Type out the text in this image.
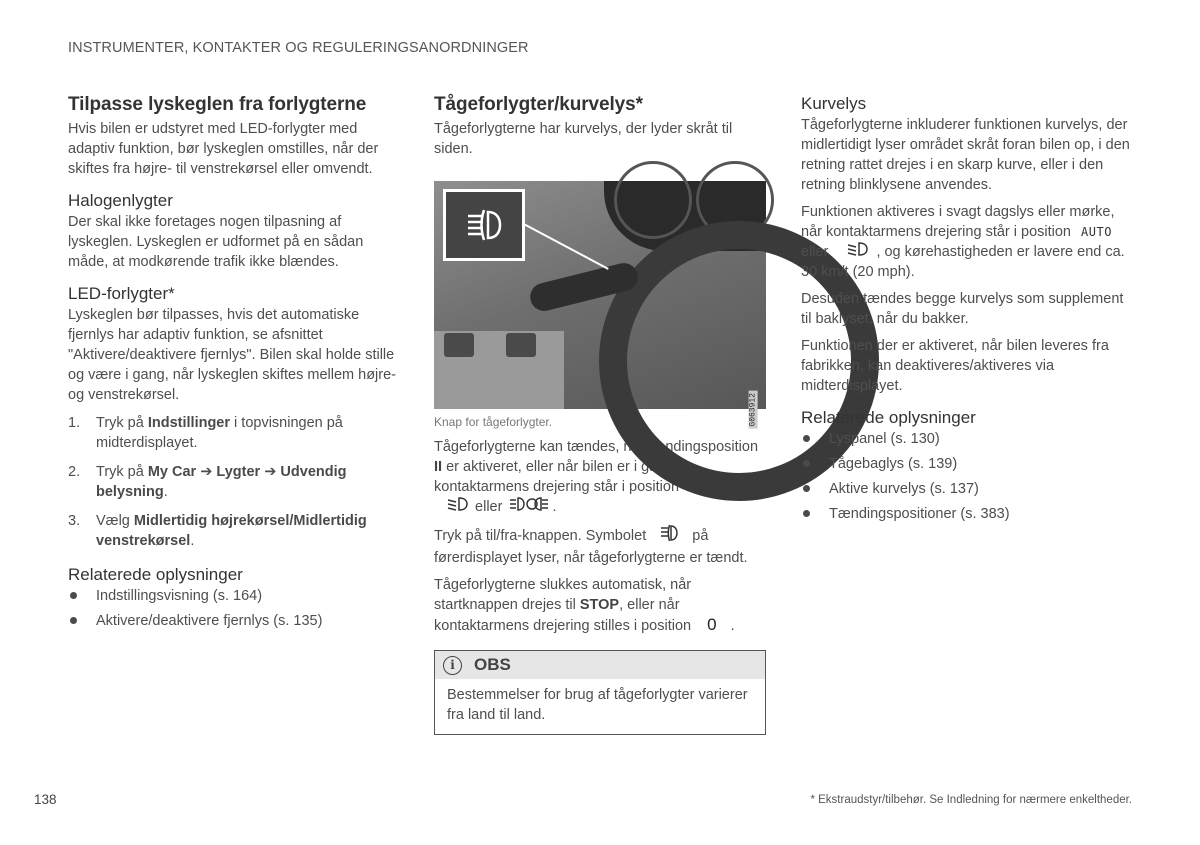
INSTRUMENTER, KONTAKTER OG REGULERINGSANORDNINGER
Tilpasse lyskeglen fra forlygterne

Hvis bilen er udstyret med LED-forlygter med adaptiv funktion, bør lyskeglen omstilles, når der skiftes fra højre- til venstrekørsel eller omvendt.

Halogenlygter

Der skal ikke foretages nogen tilpasning af lyskeglen. Lyskeglen er udformet på en sådan måde, at modkørende trafik ikke blændes.

LED-forlygter*

Lyskeglen bør tilpasses, hvis det automatiske fjernlys har adaptiv funktion, se afsnittet "Aktivere/deaktivere fjernlys". Bilen skal holde stille og være i gang, når lyskeglen skiftes mellem højre- og venstrekørsel.

1. Tryk på Indstillinger i topvisningen på midterdisplayet.
2. Tryk på My Car ➔ Lygter ➔ Udvendig belysning.
3. Vælg Midlertidig højrekørsel/Midlertidig venstrekørsel.
Relaterede oplysninger
Indstillingsvisning (s. 164)
Aktivere/deaktivere fjernlys (s. 135)
Tågeforlygter/kurvelys*

Tågeforlygterne har kurvelys, der lyder skråt til siden.

G063912
Knap for tågeforlygter.

Tågeforlygterne kan tændes, når tændingsposition II er aktiveret, eller når bilen er i gang og kontaktarmens drejering står i position AUTO ,
eller	.

Tryk på til/fra-knappen. Symbolet	på førerdisplayet lyser, når tågeforlygterne er tændt.

Tågeforlygterne slukkes automatisk, når startknappen drejes til STOP, eller når kontaktarmens drejering stilles i position 0 .

i	OBS
Bestemmelser for brug af tågeforlygter varierer fra land til land.
Kurvelys

Tågeforlygterne inkluderer funktionen kurvelys, der midlertidigt lyser området skråt foran bilen op, i den retning rattet drejes i en skarp kurve, eller i den retning blinklysene anvendes.

Funktionen aktiveres i svagt dagslys eller mørke, når kontaktarmens drejering står i position AUTO
eller	, og kørehastigheden er lavere end ca. 30 km/t (20 mph).

Desuden tændes begge kurvelys som supplement til baklyset, når du bakker.

Funktionen der er aktiveret, når bilen leveres fra fabrikken, kan deaktiveres/aktiveres via midterdisplayet.

Relaterede oplysninger
Lyspanel (s. 130)
Tågebaglys (s. 139)
Aktive kurvelys (s. 137)
Tændingspositioner (s. 383)
138	* Ekstraudstyr/tilbehør. Se Indledning for nærmere enkeltheder.
